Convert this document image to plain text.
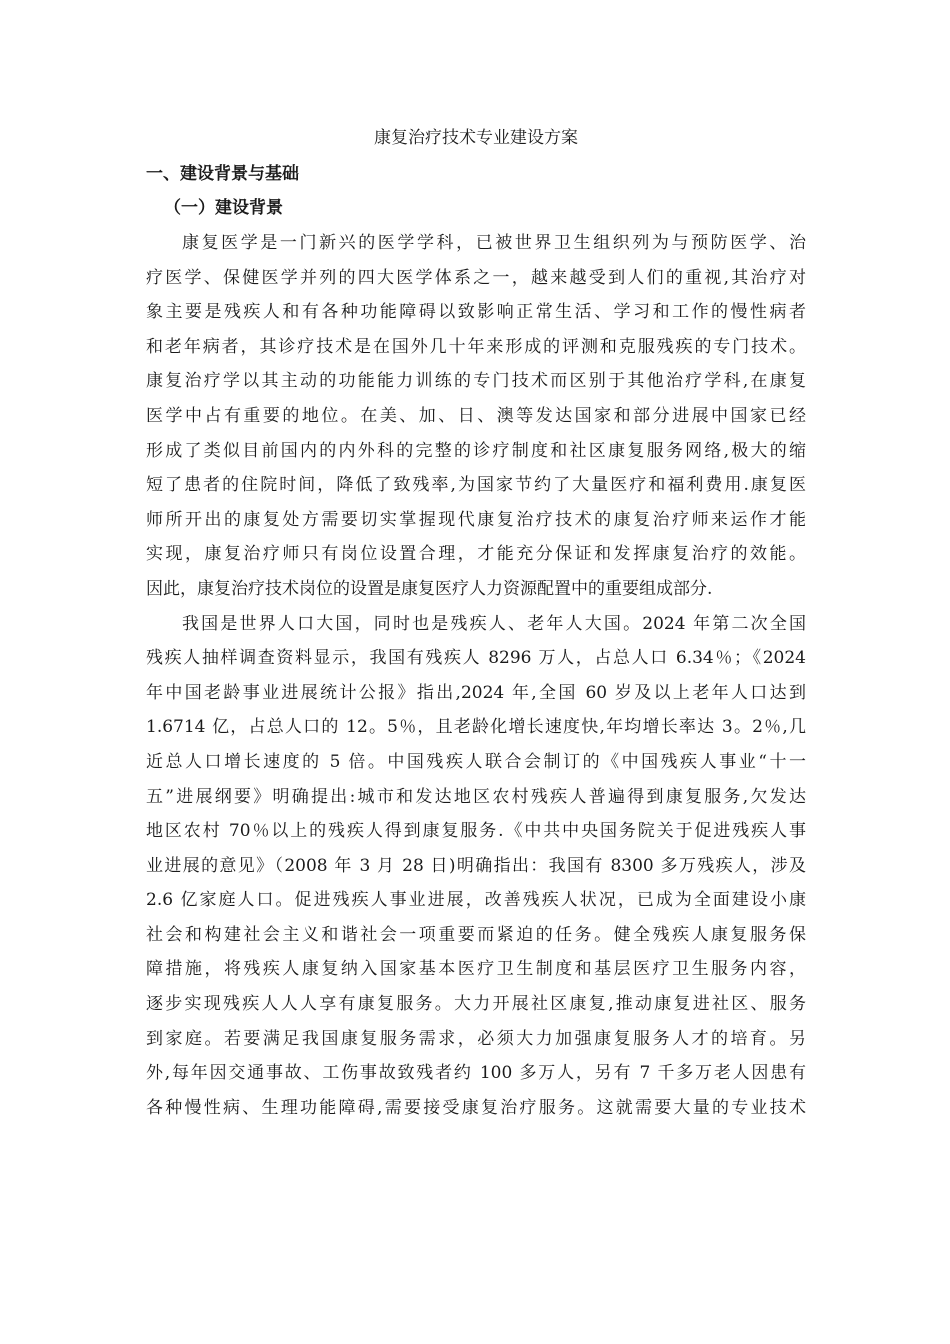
康复治疗技术专业建设方案
一、建设背景与基础
（一）建设背景
康复医学是一门新兴的医学学科，已被世界卫生组织列为与预防医学、治
疗医学、保健医学并列的四大医学体系之一，越来越受到人们的重视,其治疗对
象主要是残疾人和有各种功能障碍以致影响正常生活、学习和工作的慢性病者
和老年病者，其诊疗技术是在国外几十年来形成的评测和克服残疾的专门技术。
康复治疗学以其主动的功能能力训练的专门技术而区别于其他治疗学科,在康复
医学中占有重要的地位。在美、加、日、澳等发达国家和部分进展中国家已经
形成了类似目前国内的内外科的完整的诊疗制度和社区康复服务网络,极大的缩
短了患者的住院时间，降低了致残率,为国家节约了大量医疗和福利费用.康复医
师所开出的康复处方需要切实掌握现代康复治疗技术的康复治疗师来运作才能
实现，康复治疗师只有岗位设置合理，才能充分保证和发挥康复治疗的效能。
因此，康复治疗技术岗位的设置是康复医疗人力资源配置中的重要组成部分.
我国是世界人口大国，同时也是残疾人、老年人大国。2024 年第二次全国
残疾人抽样调查资料显示，我国有残疾人 8296 万人，占总人口 6.34％；《2024
年中国老龄事业进展统计公报》指出,2024 年,全国 60 岁及以上老年人口达到
1.6714 亿，占总人口的 12。5％，且老龄化增长速度快,年均增长率达 3。2％,几
近总人口增长速度的 5 倍。中国残疾人联合会制订的《中国残疾人事业“十一
五”进展纲要》明确提出:城市和发达地区农村残疾人普遍得到康复服务,欠发达
地区农村 70％以上的残疾人得到康复服务.《中共中央国务院关于促进残疾人事
业进展的意见》（2008 年 3 月 28 日)明确指出：我国有 8300 多万残疾人，涉及
2.6 亿家庭人口。促进残疾人事业进展，改善残疾人状况，已成为全面建设小康
社会和构建社会主义和谐社会一项重要而紧迫的任务。健全残疾人康复服务保
障措施，将残疾人康复纳入国家基本医疗卫生制度和基层医疗卫生服务内容，
逐步实现残疾人人人享有康复服务。大力开展社区康复,推动康复进社区、服务
到家庭。若要满足我国康复服务需求，必须大力加强康复服务人才的培育。另
外,每年因交通事故、工伤事故致残者约 100 多万人，另有 7 千多万老人因患有
各种慢性病、生理功能障碍,需要接受康复治疗服务。这就需要大量的专业技术
